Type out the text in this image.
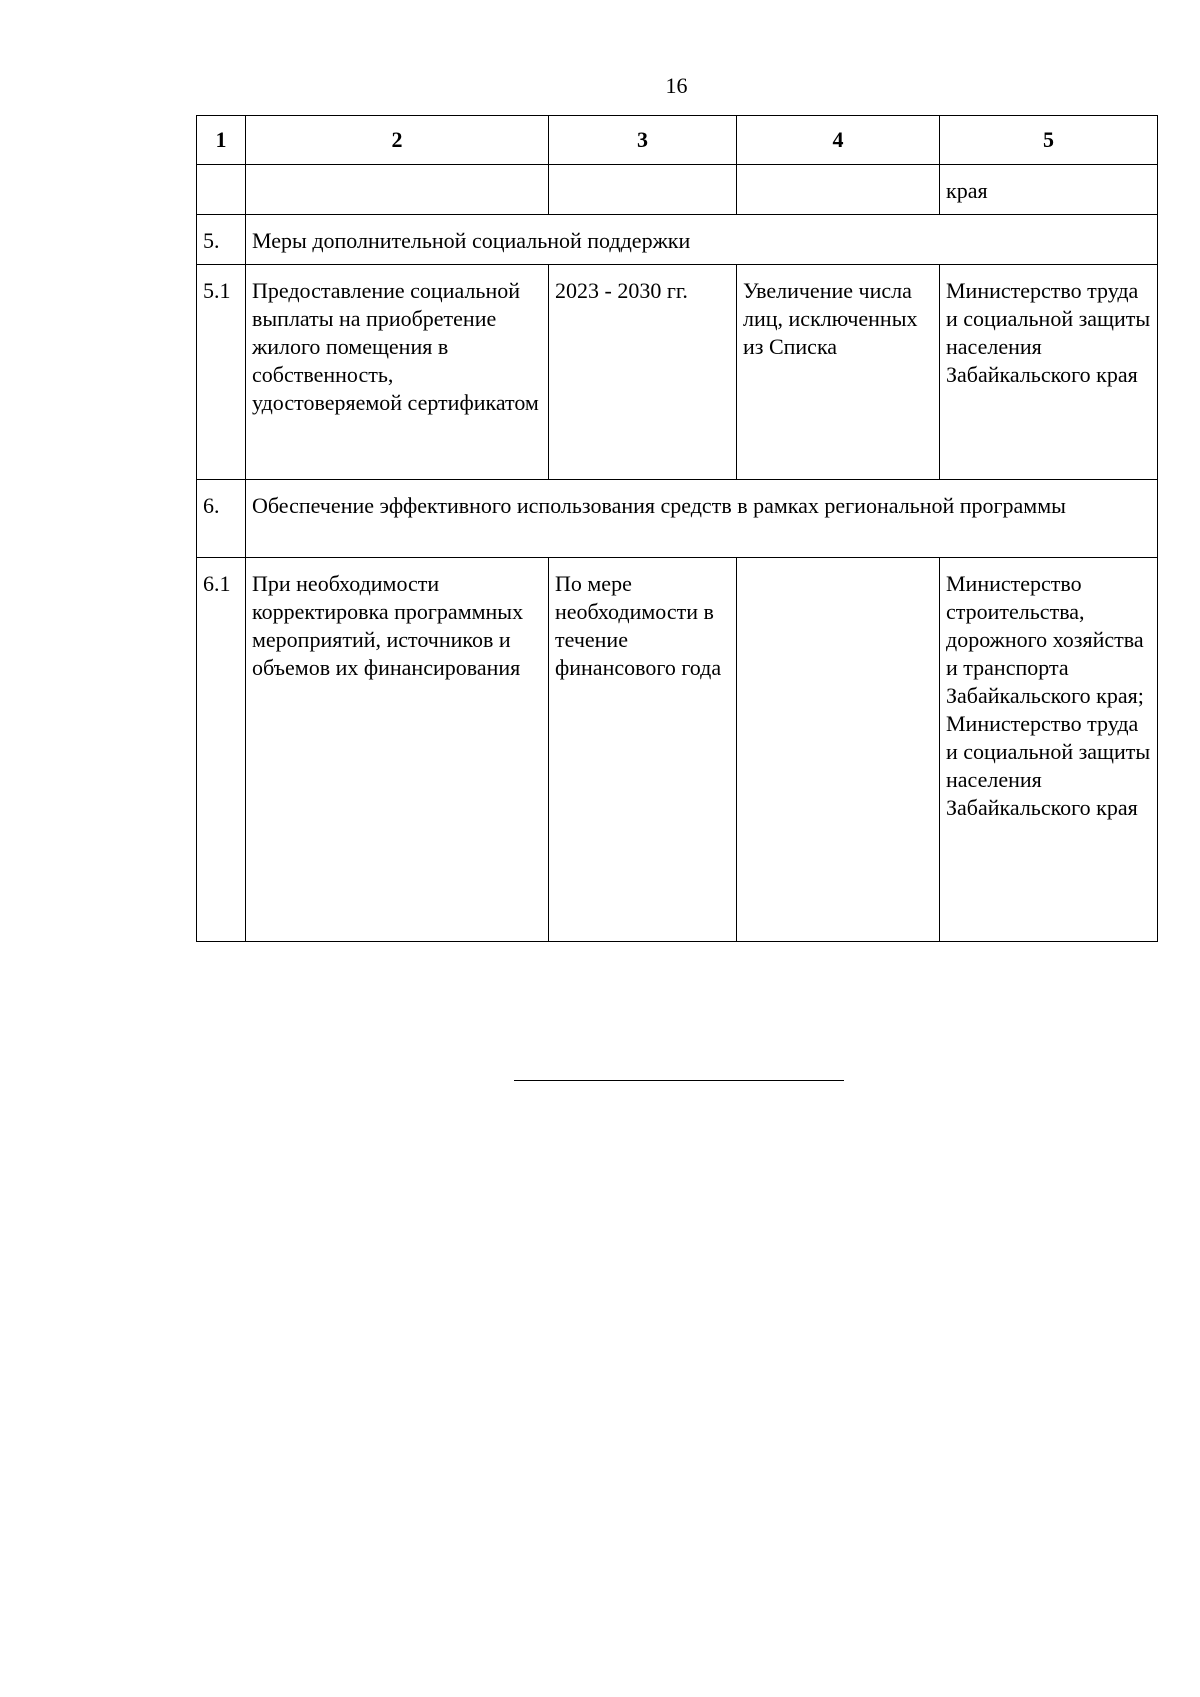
16
1	2	3	4	5
				края
5.	Меры дополнительной социальной поддержки			
5.1	Предоставление социальной выплаты на приобретение жилого помещения в собственность, удостоверяемой сертификатом	2023 - 2030 гг.	Увеличение числа лиц, исключенных из Списка	Министерство труда и социальной защиты населения Забайкальского края
6.	Обеспечение эффективного использования средств в рамках региональной программы			
6.1	При необходимости корректировка программных мероприятий, источников и объемов их финансирования	По мере необходимости в течение финансового года		Министерство строительства, дорожного хозяйства и транспорта Забайкальского края; Министерство труда и социальной защиты населения Забайкальского края
